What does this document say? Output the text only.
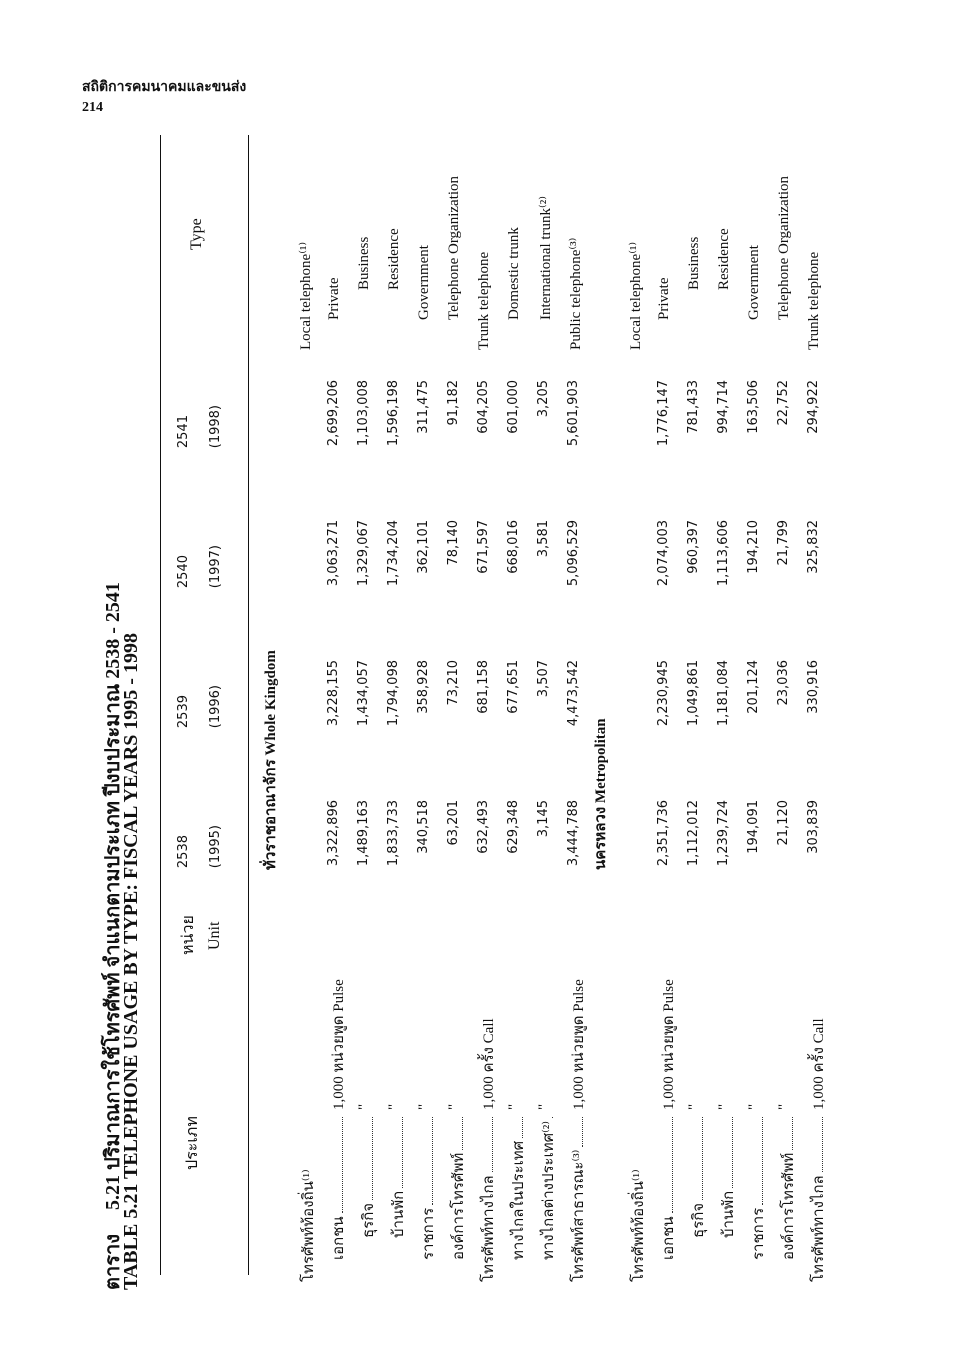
สถิติการคมนาคมและขนส่ง
214
ตาราง5.21 ปริมาณการใช้โทรศัพท์ จำแนกตามประเภท ปีงบประมาณ 2538 - 2541
TABLE 5.21 TELEPHONE USAGE BY TYPE: FISCAL YEARS 1995 - 1998	ประเภท
หน่วย Unit
Type
2538
2539
2540
2541
(1995)
(1996)
(1997)
(1998)
ทั่วราชอาณาจักร Whole Kingdom
โทรศัพท์ท้องถิ่น⁽¹⁾
Local telephone⁽¹⁾
เอกชน
1,000 หน่วยพูด Pulse
3,322,896
3,228,155
3,063,271
2,699,206
Private
ธุรกิจ
"
1,489,163
1,434,057
1,329,067
1,103,008
Business
บ้านพัก
"
1,833,733
1,794,098
1,734,204
1,596,198
Residence
ราชการ
"
340,518
358,928
362,101
311,475
Government
องค์การโทรศัพท์
"
63,201
73,210
78,140
91,182
Telephone Organization
โทรศัพท์ทางไกล
1,000 ครั้ง Call
632,493
681,158
671,597
604,205
Trunk telephone
ทางไกลในประเทศ
"
629,348
677,651
668,016
601,000
Domestic trunk
ทางไกลต่างประเทศ⁽²⁾
"
3,145
3,507
3,581
3,205
International trunk⁽²⁾
โทรศัพท์สาธารณะ⁽³⁾
1,000 หน่วยพูด Pulse
3,444,788
4,473,542
5,096,529
5,601,903
Public telephone⁽³⁾
นครหลวง Metropolitan
โทรศัพท์ท้องถิ่น⁽¹⁾
Local telephone⁽¹⁾
เอกชน
1,000 หน่วยพูด Pulse
2,351,736
2,230,945
2,074,003
1,776,147
Private
ธุรกิจ
"
1,112,012
1,049,861
960,397
781,433
Business
บ้านพัก
"
1,239,724
1,181,084
1,113,606
994,714
Residence
ราชการ
"
194,091
201,124
194,210
163,506
Government
องค์การโทรศัพท์
"
21,120
23,036
21,799
22,752
Telephone Organization
โทรศัพท์ทางไกล
1,000 ครั้ง Call
303,839
330,916
325,832
294,922
Trunk telephone
